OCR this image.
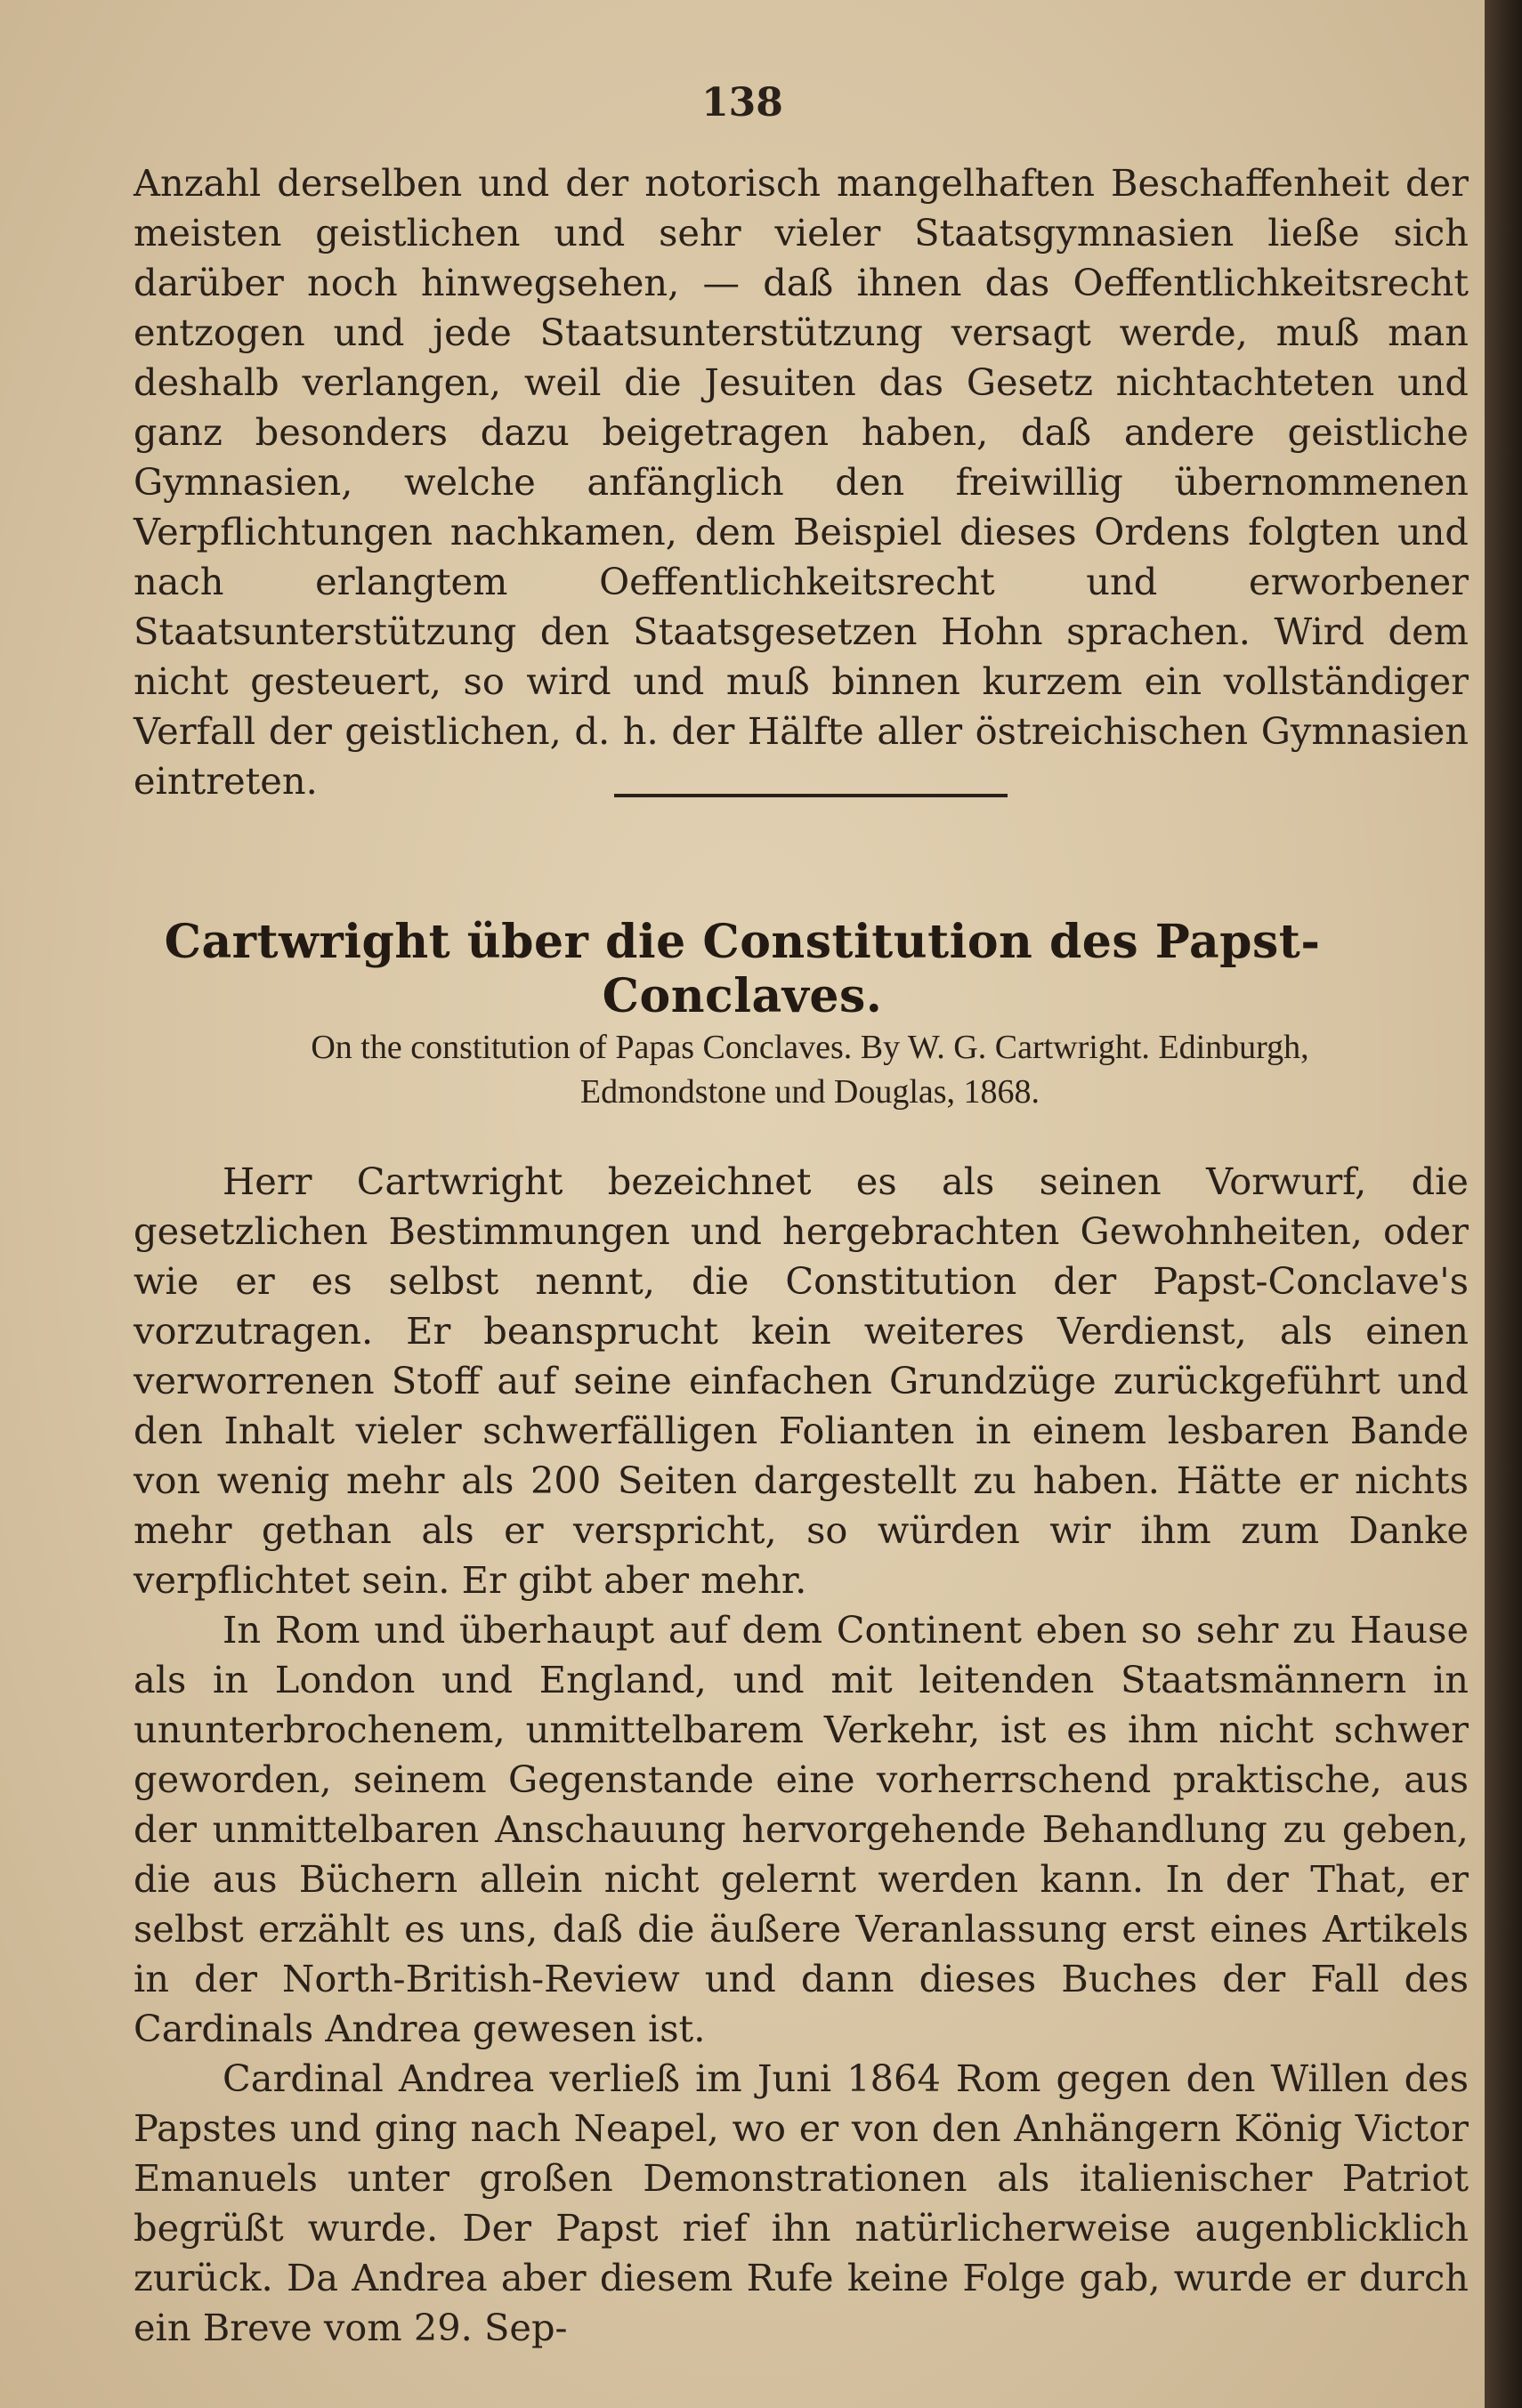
138

Anzahl derselben und der notorisch mangelhaften Beschaffenheit der meisten geistlichen und sehr vieler Staatsgymnasien ließe sich darüber noch hinwegsehen, — daß ihnen das Oeffentlichkeitsrecht entzogen und jede Staatsunterstützung versagt werde, muß man deshalb verlangen, weil die Jesuiten das Gesetz nichtachteten und ganz besonders dazu beigetragen haben, daß andere geistliche Gymnasien, welche anfänglich den freiwillig übernommenen Verpflichtungen nachkamen, dem Beispiel dieses Ordens folgten und nach erlangtem Oeffentlichkeitsrecht und erworbener Staatsunterstützung den Staatsgesetzen Hohn sprachen. Wird dem nicht gesteuert, so wird und muß binnen kurzem ein vollständiger Verfall der geistlichen, d. h. der Hälfte aller östreichischen Gymnasien eintreten.

Cartwright über die Constitution des Papst-Conclaves.
On the constitution of Papas Conclaves. By W. G. Cartwright. Edinburgh,
Edmondstone und Douglas, 1868.

Herr Cartwright bezeichnet es als seinen Vorwurf, die gesetzlichen Bestimmungen und hergebrachten Gewohnheiten, oder wie er es selbst nennt, die Constitution der Papst-Conclave's vorzutragen. Er beansprucht kein weiteres Verdienst, als einen verworrenen Stoff auf seine einfachen Grundzüge zurückgeführt und den Inhalt vieler schwerfälligen Folianten in einem lesbaren Bande von wenig mehr als 200 Seiten dargestellt zu haben. Hätte er nichts mehr gethan als er verspricht, so würden wir ihm zum Danke verpflichtet sein. Er gibt aber mehr.

In Rom und überhaupt auf dem Continent eben so sehr zu Hause als in London und England, und mit leitenden Staatsmännern in ununterbrochenem, unmittelbarem Verkehr, ist es ihm nicht schwer geworden, seinem Gegenstande eine vorherrschend praktische, aus der unmittelbaren Anschauung hervorgehende Behandlung zu geben, die aus Büchern allein nicht gelernt werden kann. In der That, er selbst erzählt es uns, daß die äußere Veranlassung erst eines Artikels in der North-British-Review und dann dieses Buches der Fall des Cardinals Andrea gewesen ist.

Cardinal Andrea verließ im Juni 1864 Rom gegen den Willen des Papstes und ging nach Neapel, wo er von den Anhängern König Victor Emanuels unter großen Demonstrationen als italienischer Patriot begrüßt wurde. Der Papst rief ihn natürlicherweise augenblicklich zurück. Da Andrea aber diesem Rufe keine Folge gab, wurde er durch ein Breve vom 29. Sep-
